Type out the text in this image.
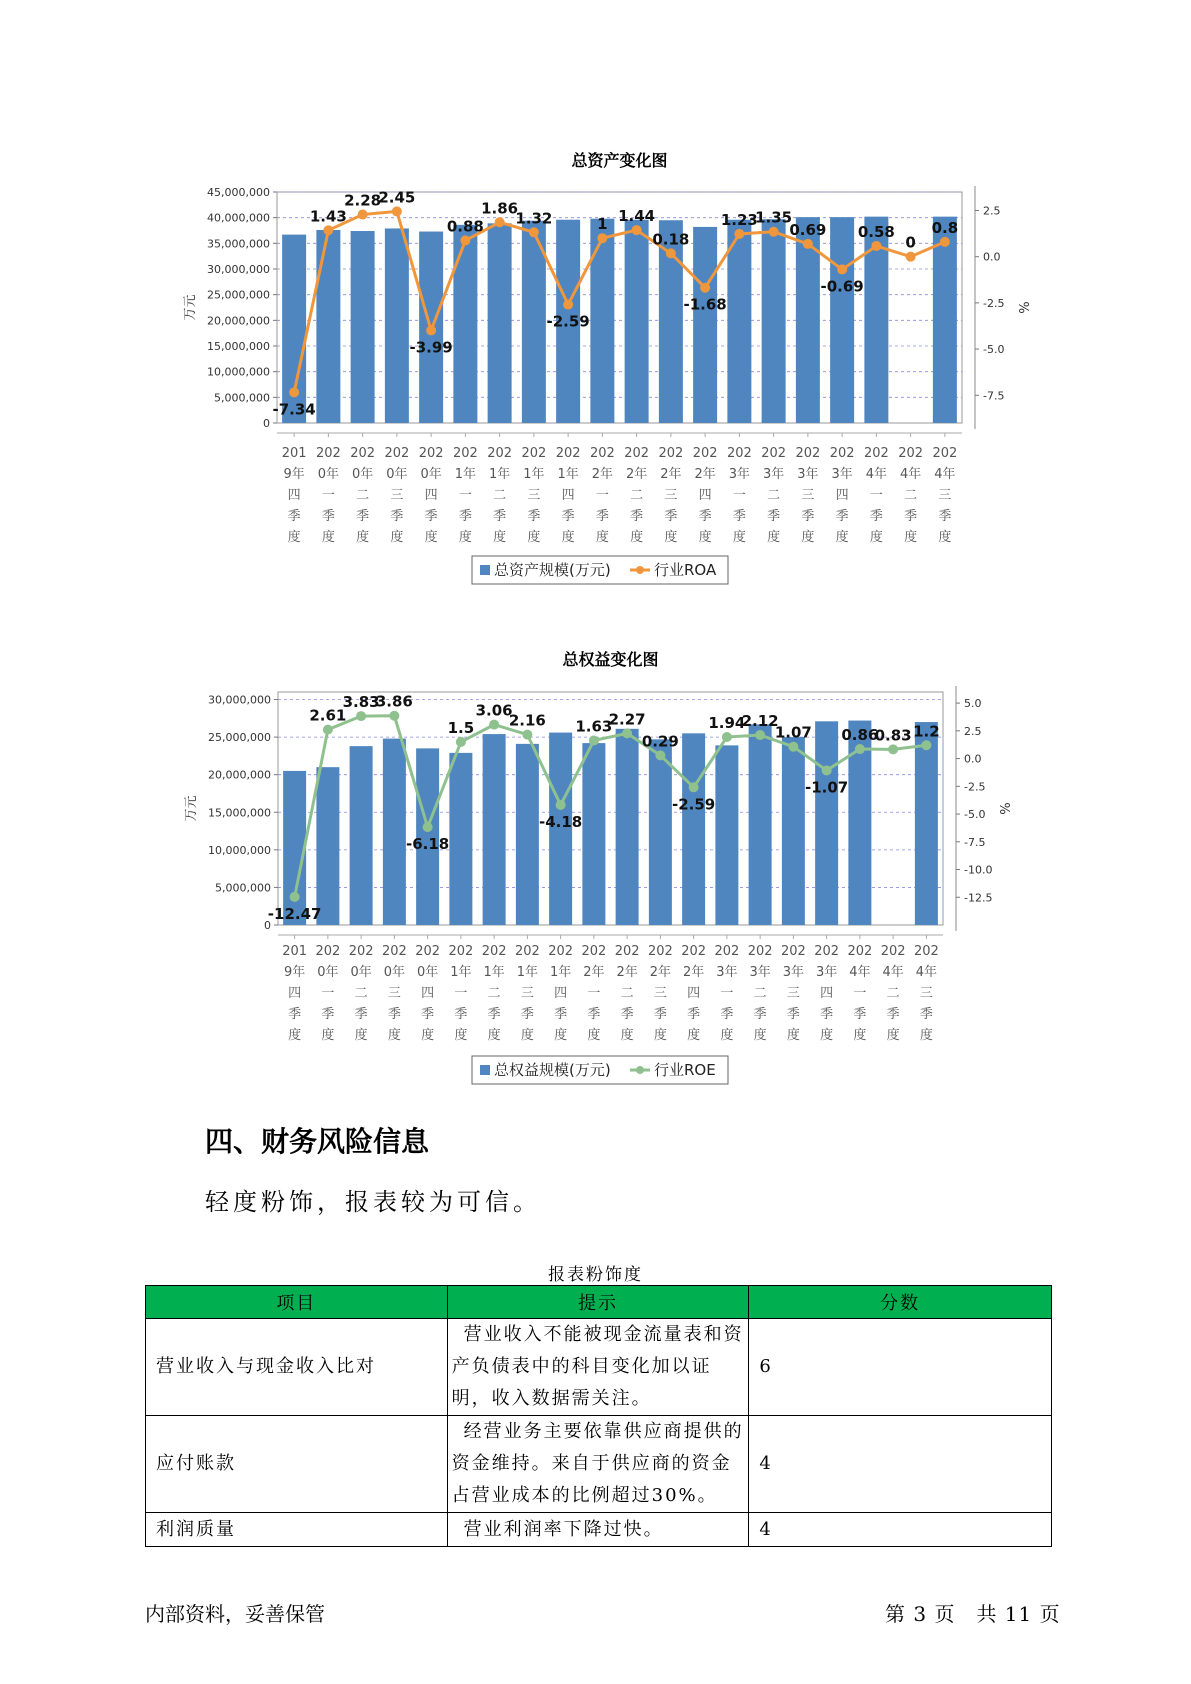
总资产变化图
45,000,000
40,000,000
35,000,000
30,000,000
25,000,000
20,000,000
15,000,000
10,000,000
5,000,000
0
2.5
0.0
-2.5
-5.0
-7.5
万元	%
-7.34
1.43
2.28
2.45
-3.99
0.88
1.86
1.32
-2.59
1 1.44
0.18
-1.68
1.23
1.35
0.69
-0.69
0.58
0
0.8
201
9年
四
季
度
202
0年
一
季
度
202
0年
二
季
度
202
0年
三
季
度
202
0年
四
季
度
202
1年
一
季
度
202
1年
二
季
度
202
1年
三
季
度
202
1年
四
季
度
202
2年
一
季
度
202
2年
二
季
度
202
2年
三
季
度
202
2年
四
季
度
202
3年
一
季
度
202
3年
二
季
度
202
3年
三
季
度
202
3年
四
季
度
202
4年
一
季
度
202
4年
二
季
度
202
4年
三
季
度
总资产规模(万元)	行业ROA
总权益变化图
30,000,000
25,000,000
20,000,000
15,000,000
10,000,000
5,000,000
0
5.0
2.5
0.0
-2.5
-5.0
-7.5
-10.0
-12.5
万元	%
-12.47
2.61
3.83
3.86
-6.18
1.5
3.06
2.16
-4.18
1.63
2.27
0.29
-2.59
1.94
2.12
1.07
-1.07
0.86
0.83 1.2
201
9年
四
季
度
202
0年
一
季
度
202
0年
二
季
度
202
0年
三
季
度
202
0年
四
季
度
202
1年
一
季
度
202
1年
二
季
度
202
1年
三
季
度
202
1年
四
季
度
202
2年
一
季
度
202
2年
二
季
度
202
2年
三
季
度
202
2年
四
季
度
202
3年
一
季
度
202
3年
二
季
度
202
3年
三
季
度
202
3年
四
季
度
202
4年
一
季
度
202
4年
二
季
度
202
4年
三
季
度
总权益规模(万元)	行业ROE
四、财务风险信息
轻度粉饰，报表较为可信。
报表粉饰度
项目	提示	分数
营业收入与现金收入比对	营业收入不能被现金流量表和资产负债表中的科目变化加以证明，收入数据需关注。	6
应付账款	经营业务主要依靠供应商提供的资金维持。来自于供应商的资金占营业成本的比例超过30%。	4
利润质量	营业利润率下降过快。	4
内部资料，妥善保管	第 3 页　共 11 页
